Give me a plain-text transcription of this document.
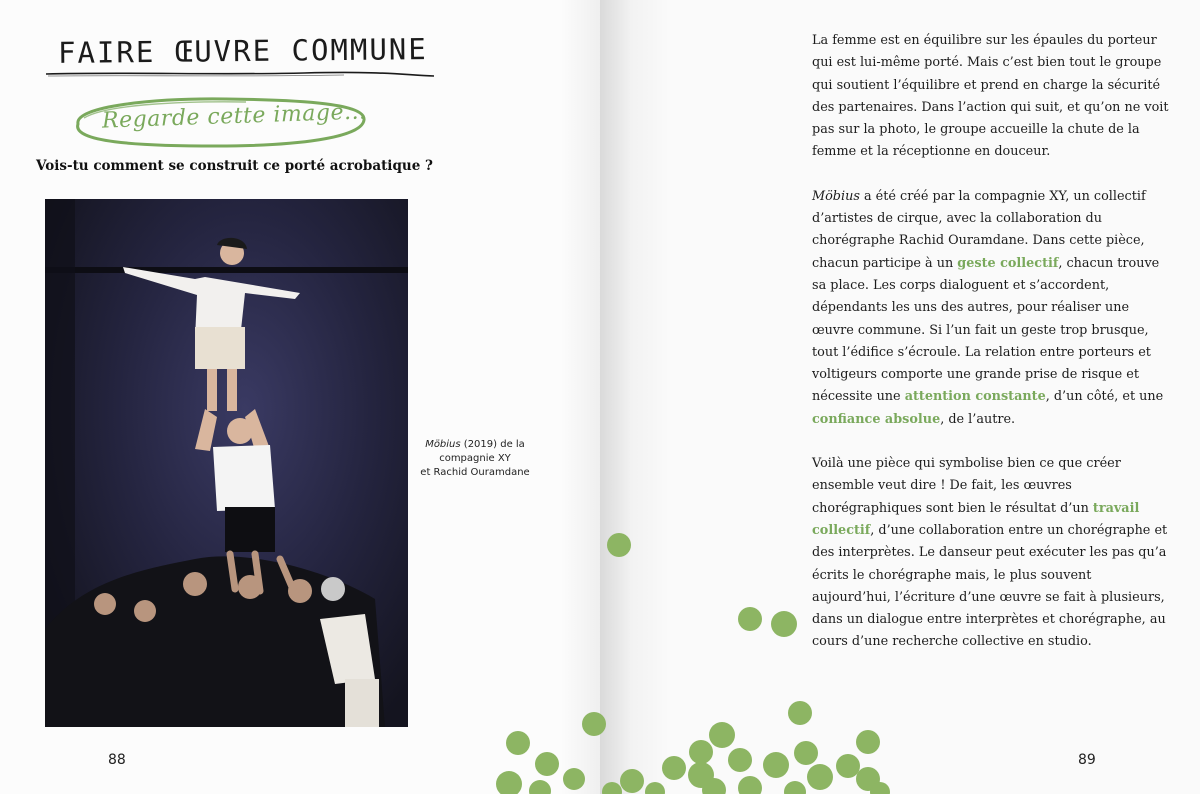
FAIRE ŒUVRE COMMUNE
Regarde cette image...
Vois-tu comment se construit ce porté acrobatique ?
Möbius (2019) de la
compagnie XY
et Rachid Ouramdane
88

La femme est en équilibre sur les épaules du porteur qui est lui-même porté. Mais c’est bien tout le groupe qui soutient l’équilibre et prend en charge la sécurité des partenaires. Dans l’action qui suit, et qu’on ne voit pas sur la photo, le groupe accueille la chute de la femme et la réceptionne en douceur.

Möbius a été créé par la compagnie XY, un collectif d’artistes de cirque, avec la collaboration du chorégraphe Rachid Ouramdane. Dans cette pièce, chacun participe à un geste collectif, chacun trouve sa place. Les corps dialoguent et s’accordent, dépendants les uns des autres, pour réaliser une œuvre commune. Si l’un fait un geste trop brusque, tout l’édifice s’écroule. La relation entre porteurs et voltigeurs comporte une grande prise de risque et nécessite une attention constante, d’un côté, et une confiance absolue, de l’autre.

Voilà une pièce qui symbolise bien ce que créer ensemble veut dire ! De fait, les œuvres chorégraphiques sont bien le résultat d’un travail collectif, d’une collaboration entre un chorégraphe et des interprètes. Le danseur peut exécuter les pas qu’a écrits le chorégraphe mais, le plus souvent aujourd’hui, l’écriture d’une œuvre se fait à plusieurs, dans un dialogue entre interprètes et chorégraphe, au cours d’une recherche collective en studio.

89
